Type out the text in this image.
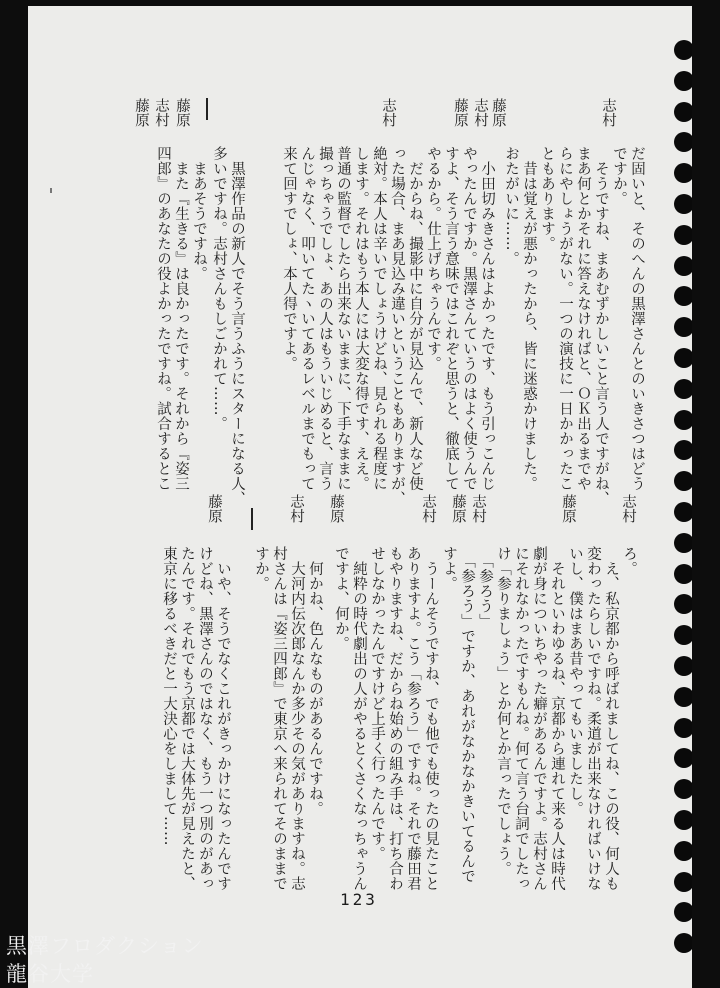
だ固いと、そのへんの黒澤さんとのいきさつはどう
ですか。
　そうですね、まあむずかしいこと言う人ですがね、
まあ何とかそれに答えなければと、ＯＫ出るまでや
らにやしょうがない。一つの演技に一日かかったこ
ともあります。
　昔は覚えが悪かったから、皆に迷惑かけました。
おたがいに……。
　小田切みきさんはよかったです、もう引っこんじ
やったんですか。黒澤さんていうのはよく使うんで
すよ、そう言う意味ではこれぞと思うと、徹底して
やるから。仕上げちゃうんです。
　だからね、撮影中に自分が見込んで、新人など使
った場合、まあ見込み違いということもありますが、
絶対。本人は辛いでしょうけどね、見られる程度に
します。それはもう本人には大変な得です、ええ。
普通の監督でしたら出来ないままに、下手なままに
撮っちゃうでしょ、あの人はもういじめると、言う
んじゃなく、叩いてたヽいてあるレベルまでもって
来て回すでしょ、本人得ですよ。
　黒澤作品の新人でそう言うふうにスターになる人、
多いですね。志村さんもしごかれて……。
　まあそうですね。
　また『生きる』は良かったです。それから『姿三
四郎』のあなたの役よかったですね。試合するとこ
志村
藤原
志村
藤原
志村
藤原
志村
藤原
ろ。
　え、私京都から呼ばれましてね、この役、何人も
変わったらしいですね。柔道が出来なければいけな
いし、僕はまあ昔やってもいましたし。
　それといわゆるね、京都から連れて来る人は時代
劇が身についちやった癖があるんですよ。志村さん
にそれなかったですもんね。何て言う台詞でしたっ
け「参りましょう」とか何とか言ったでしょう。
　「参ろう」
　「参ろう」ですか、あれがなかなかきいてるんで
すよ。
　うーんそうですね、でも他でも使ったの見たこと
ありますよ。こう「参ろう」ですね。それで藤田君
もやりますね、だからね始めの組み手は、打ち合わ
せしなかったんですけど上手く行ったんです。
　純粋の時代劇出の人がやるとくさくなっちゃうん
ですよ、何か。
　何かね、色んなものがあるんですね。
　大河内伝次郎なんか多少その気がありますね。志
村さんは『姿三四郎』で東京へ来られてそのままで
すか。
　いや、そうでなくこれがきっかけになったんです
けどね、黒澤さんのではなく、もう一つ別のがあっ
たんです。それでもう京都では大体先が見えたと、
東京に移るべきだと一大決心をしまして……
志村
藤原
志村
藤原
志村
藤原
志村
藤原
123
黒澤フロダクション
龍谷大学
